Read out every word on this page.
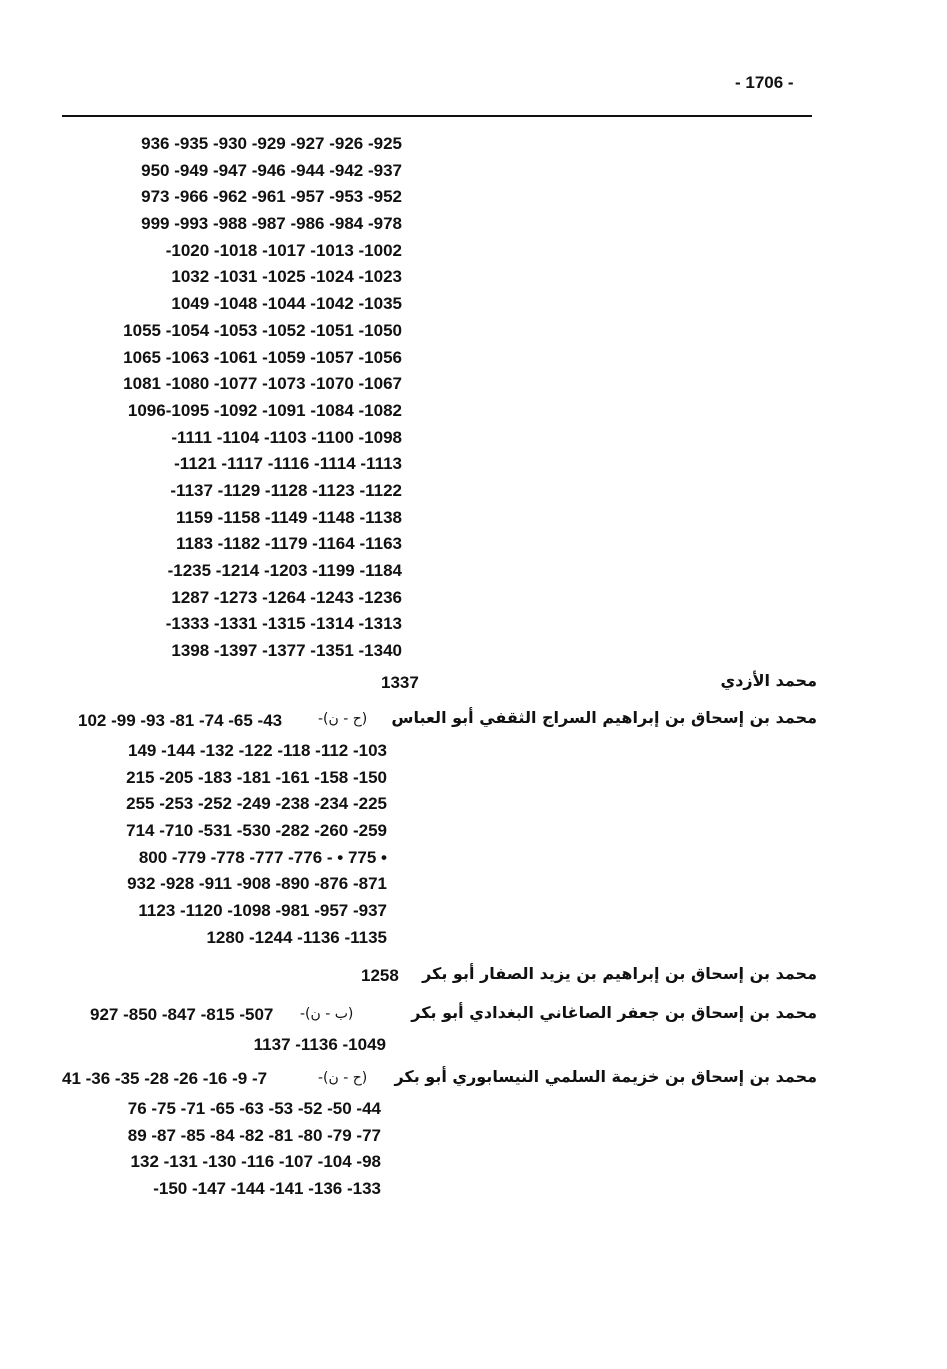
- 1706 -
936 -935 -930 -929 -927 -926 -925
950 -949 -947 -946 -944 -942 -937
973 -966 -962 -961 -957 -953 -952
999 -993 -988 -987 -986 -984 -978
-1020 -1018 -1017 -1013 -1002
1032 -1031 -1025 -1024 -1023
1049 -1048 -1044 -1042 -1035
1055 -1054 -1053 -1052 -1051 -1050
1065 -1063 -1061 -1059 -1057 -1056
1081 -1080 -1077 -1073 -1070 -1067
1096-1095 -1092 -1091 -1084 -1082
-1111 -1104 -1103 -1100 -1098
-1121 -1117 -1116 -1114 -1113
-1137 -1129 -1128 -1123 -1122
1159 -1158 -1149 -1148 -1138
1183 -1182 -1179 -1164 -1163
-1235 -1214 -1203 -1199 -1184
1287 -1273 -1264 -1243 -1236
-1333 -1331 -1315 -1314 -1313
1398 -1397 -1377 -1351 -1340
محمد الأزدي
1337
محمد بن إسحاق بن إبراهيم السراج الثقفي أبو العباس
(ح - ن)-
102 -99 -93 -81 -74 -65 -43
149 -144 -132 -122 -118 -112 -103
215 -205 -183 -181 -161 -158 -150
255 -253 -252 -249 -238 -234 -225
714 -710 -531 -530 -282 -260 -259
800 -779 -778 -777 -776 - • 775 •
932 -928 -911 -908 -890 -876 -871
1123 -1120 -1098 -981 -957 -937
1280 -1244 -1136 -1135
محمد بن إسحاق بن إبراهيم بن يزيد الصفار أبو بكر
1258
محمد بن إسحاق بن جعفر الصاغاني البغدادي أبو بكر
(ب - ن)-
927 -850 -847 -815 -507
1137 -1136 -1049
محمد بن إسحاق بن خزيمة السلمي النيسابوري أبو بكر
(ح - ن)-
41 -36 -35 -28 -26 -16 -9 -7
76 -75 -71 -65 -63 -53 -52 -50 -44
89 -87 -85 -84 -82 -81 -80 -79 -77
132 -131 -130 -116 -107 -104 -98
-150 -147 -144 -141 -136 -133
